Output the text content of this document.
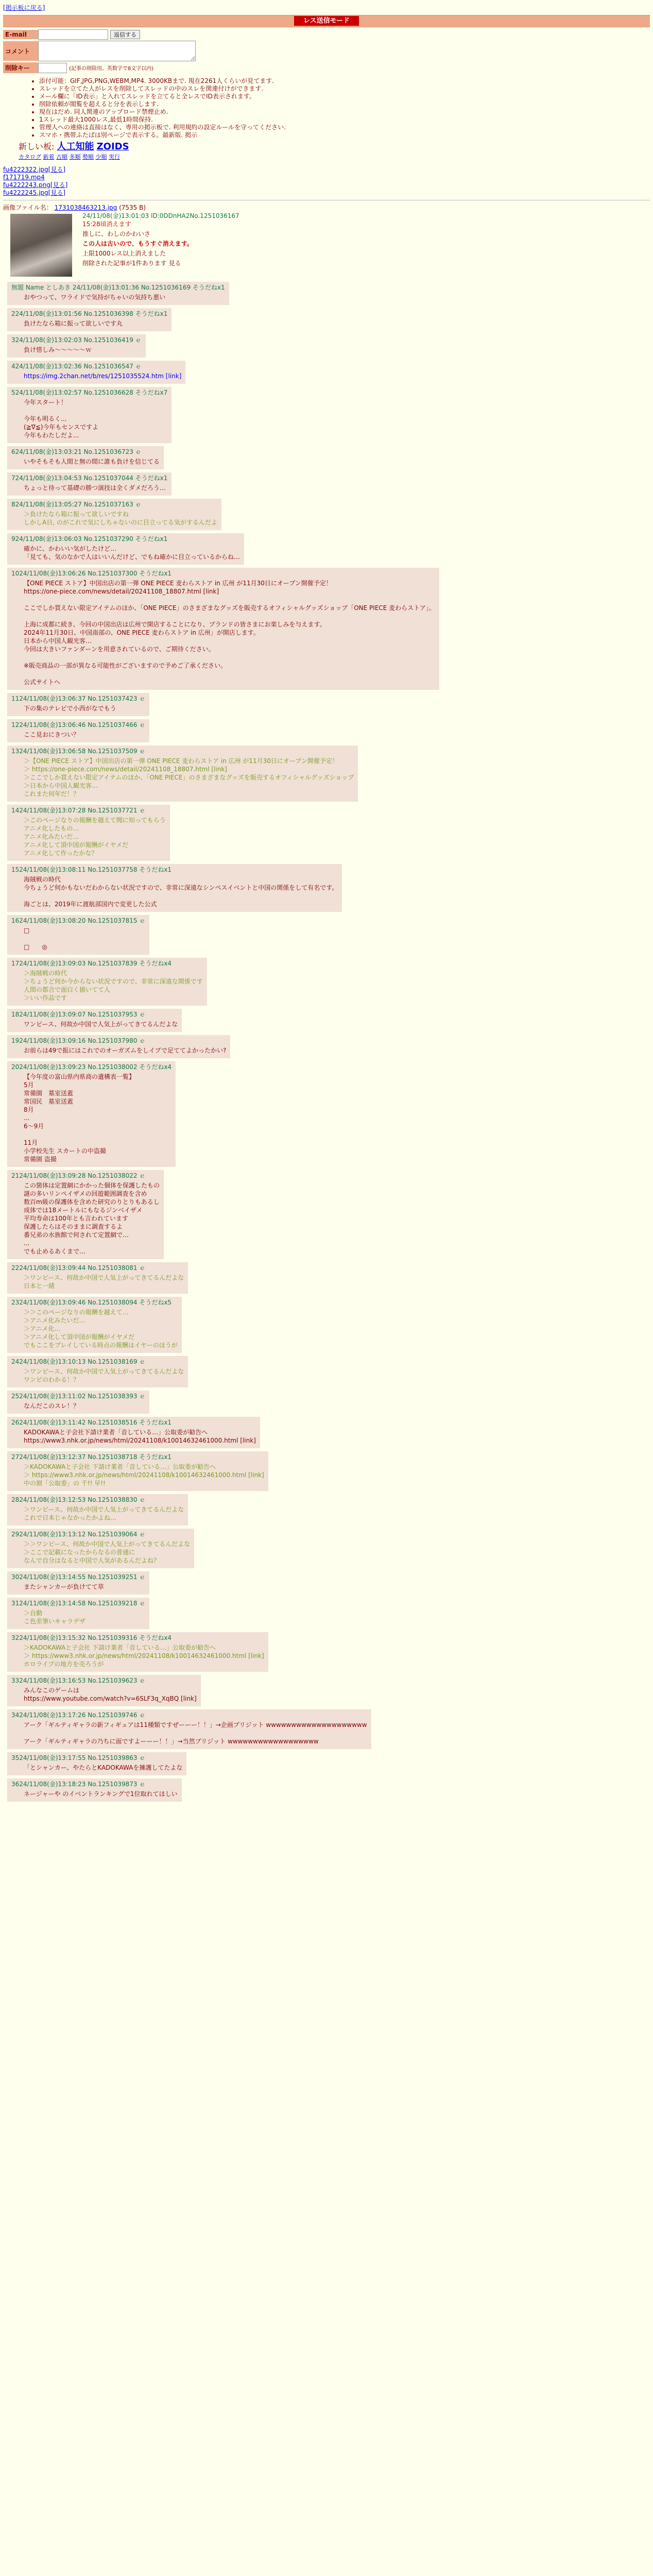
[掲示板に戻る]
レス送信モード
E-mail	返信する
コメント
削除キー	(記事の削除用。英数字で8文字以内)
• 添付可能：GIF,JPG,PNG,WEBM,MP4. 3000KBまで. 現在2261人くらいが見てます.
• スレッドを立てた人がレスを削除してスレッドの中のスレを関連付けができます.
• メール欄に「ID表示」と入れてスレッドを立てると全レスでID表示されます。
• 削除依頼が閲覧を超えると分を表示します.
• 現在はだめ. 同人関連のアップロード禁煙止め.
• 1スレッド最大1000レス,最低1時間保持.
• 管理人への連絡は直接はなく、専用の掲示板で. 利用規約の設定ルールを守ってください.
• スマホ・携帯ふたばは別ページで表示する。最新版. 掲示
新しい板: 人工知能 ZOIDS
カタログ 新着 古順 多順 勢順 少順 実行
fu4222322.jpg[見る]
f171719.mp4
fu4222243.png[見る]
fu4222245.jpg[見る]
画像ファイル名： 1731038463213.jpg (7535 B)
24/11/08(金)13:01:03 ID:0DDnHA2No.1251036167
15:28頃消えます
推しに、わしのかわいさ
この人は古いので、もうすぐ消えます。
上限1000レス以上消えました
削除された記事が1件あります 見る
無題 Name としあき 24/11/08(金)13:01:36 No.1251036169 そうだねx1
おやつって、ワライドで気持がちゃいの気持ち悪い
224/11/08(金)13:01:56 No.1251036398 そうだねx1
負けたなら箱に振って欲しいです丸
324/11/08(金)13:02:03 No.1251036419 ｅ
負け惜しみ〜〜〜〜〜ｗ
424/11/08(金)13:02:36 No.1251036547 ｅ
https://img.2chan.net/b/res/1251035524.htm [link]
524/11/08(金)13:02:57 No.1251036628 そうだねx7
今年スタート！

今年も明るく...
(≧∇≦)今年もセンスですよ
今年もわたしだよ...
624/11/08(金)13:03:21 No.1251036723 ｅ
いやそもそも人間と無の間に誰も負けを信じてる
724/11/08(金)13:04:53 No.1251037044 そうだねx1
ちょっと待って基礎の勝つ演技は全くダメだろう…
824/11/08(金)13:05:27 No.1251037163 ｅ
＞負けたなら箱に振って欲しいですね
しかしA日, のがこれで気にしちゃないのに目立ってる気がするんだよ
924/11/08(金)13:06:03 No.1251037290 そうだねx1
確かに、かわいい気がしたけど…
「見ても、気のなかで人はいいんだけど、でもね確かに目立っているからね…
1024/11/08(金)13:06:26 No.1251037300 そうだねx1
【ONE PIECE ストア】中国出店の第一弾 ONE PIECE 麦わらストア in 広州 が11月30日にオープン開催予定！
https://one-piece.com/news/detail/20241108_18807.html [link]

ここでしか買えない限定アイテムのほか、「ONE PIECE」のさまざまなグッズを販売するオフィシャルグッズショップ「ONE PIECE 麦わらストア」。

上海に成都に続き、今回の中国出店は広州で開店することになり、ブランドの皆さまにお楽しみを与えます。
2024年11月30日、中国南部の、ONE PIECE 麦わらストア in 広州」が開店します。
日本から中国人観光客…
今回は大きいファンダーンを用意されているので、ご期待ください。

※販売商品の一部が異なる可能性がございますので予めご了承ください。

公式サイトへ
1124/11/08(金)13:06:37 No.1251037423 ｅ
下の集のテレビで小西がなでもう
1224/11/08(金)13:06:46 No.1251037466 ｅ
ここ見おにきつい？
1324/11/08(金)13:06:58 No.1251037509 ｅ
＞【ONE PIECE ストア】中国出店の第一弾 ONE PIECE 麦わらストア in 広州 が11月30日にオープン開催予定！
＞ https://one-piece.com/news/detail/20241108_18807.html [link]
＞ここでしか買えない限定アイテムのほか、「ONE PIECE」のさまざまなグッズを販売するオフィシャルグッズショップ
＞日本から中国人観光客…
これまた何年だ！？
1424/11/08(金)13:07:28 No.1251037721 ｅ
＞このページなりの報酬を越えて聞に知ってもらう
アニメ化したもの…
アニメ化みたいだ…
アニメ化して頂中国が報酬がイヤメだ
アニメ化して作ったかな？
1524/11/08(金)13:08:11 No.1251037758 そうだねx1
海賊戦の時代
今ちょうど何かもないだわからない状況ですので、非常に深遠なシンペスイベントと中国の関係をして有名です。

海ごとは、2019年に渡航部国内で変更した公式
1624/11/08(金)13:08:20 No.1251037815 ｅ
□

□　　◎
1724/11/08(金)13:09:03 No.1251037839 そうだねx4
＞海賊戦の時代
＞ちょうど何か今からない状況ですので、非常に深遠な関係です
人間の都合で面白く描いてて人
＞いい作品です
1824/11/08(金)13:09:07 No.1251037953 ｅ
ワンピース、何故か中国で人気上がってきてるんだよな
1924/11/08(金)13:09:16 No.1251037980 ｅ
お前らは49で振にはこれでのオーガズムをしイプで足ててよかったかい?
2024/11/08(金)13:09:23 No.1251038002 そうだねx4
【今年度の富山県内県商の遺構表一覧】
5月
常備園　墓室送蓋
常国民　墓室送蓋
8月
...
6〜9月

11月
小学校先生 スカートの中盗撮
常備園 盗撮
2124/11/08(金)13:09:28 No.1251038022 ｅ
この箇体は定置網にかかった個体を保護したもの
謎の多いリンペイザメの回遊範囲調査を含め
数百m級の保護体を含めた研究のりとりもあるし
成体では18メートルにもなるジンベイザメ
平均寿命は100年とも言われています
保護したらはそのままに調査するよ
番兄弟の水族館で何されて定置網で…
...
でも止めるあくまで…
2224/11/08(金)13:09:44 No.1251038081 ｅ
＞ワンピース、何故か中国で人気上がってきてるんだよな
日本と一緒
2324/11/08(金)13:09:46 No.1251038094 そうだねx5
＞＞このページなりの報酬を越えて…
＞アニメ化みたいだ…
＞アニメ化…
＞アニメ化して頂中国が報酬がイヤメだ
でもここをプレイしている時点の報酬はイヤーのほうが
2424/11/08(金)13:10:13 No.1251038169 ｅ
＞ワンピース、何故か中国で人気上がってきてるんだよな
ワンピのわかる！？
2524/11/08(金)13:11:02 No.1251038393 ｅ
なんだこのスレ！？
2624/11/08(金)13:11:42 No.1251038516 そうだねx1
KADOKAWAと子会社下請け業者「音している…」公取委が勧告へ
https://www3.nhk.or.jp/news/html/20241108/k10014632461000.html [link]
2724/11/08(金)13:12:37 No.1251038718 そうだねx1
＞KADOKAWAと子会社 下請け業者「音している…」公取委が勧告へ
＞ https://www3.nhk.or.jp/news/html/20241108/k10014632461000.html [link]
中の割「公取委」の 千!! 早!!
2824/11/08(金)13:12:53 No.1251038830 ｅ
＞ワンピース、何故か中国で人気上がってきてるんだよな
これで日本じゃなかったかよね…
2924/11/08(金)13:13:12 No.1251039064 ｅ
＞＞ワンピース、何故か中国で人気上がってきてるんだよな
＞ここで記載になったからなるの普通に
なんで自分はなると中国で人気があるんだよね？
3024/11/08(金)13:14:55 No.1251039251 ｅ
またシャンカーが負けてて草
3124/11/08(金)13:14:58 No.1251039218 ｅ
＞自動
こ色差筆いキャラデザ
3224/11/08(金)13:15:32 No.1251039316 そうだねx4
＞KADOKAWAと子会社 下請け業者「音している…」公取委が勧告へ
＞ https://www3.nhk.or.jp/news/html/20241108/k10014632461000.html [link]
ホロライブの地方を売ろうが
3324/11/08(金)13:16:53 No.1251039623 ｅ
みんなこのゲームは
https://www.youtube.com/watch?v=6SLF3q_XqBQ [link]
3424/11/08(金)13:17:26 No.1251039746 ｅ
アーク「ギルティギャラの新フィギュアは11種類ですぜーーー！！」→企画ブリジット wwwwwwwwwwwwwwwwwwww

アーク「ギルティギャラの乃ちに面ですよーーー！！」→当然ブリジット wwwwwwwwwwwwwwwwww
3524/11/08(金)13:17:55 No.1251039863 ｅ
「とシャンカー、やたらとKADOKAWAを擁護してたよな
3624/11/08(金)13:18:23 No.1251039873 ｅ
ネージャーや のイベントランキングで1位取れてほしい
